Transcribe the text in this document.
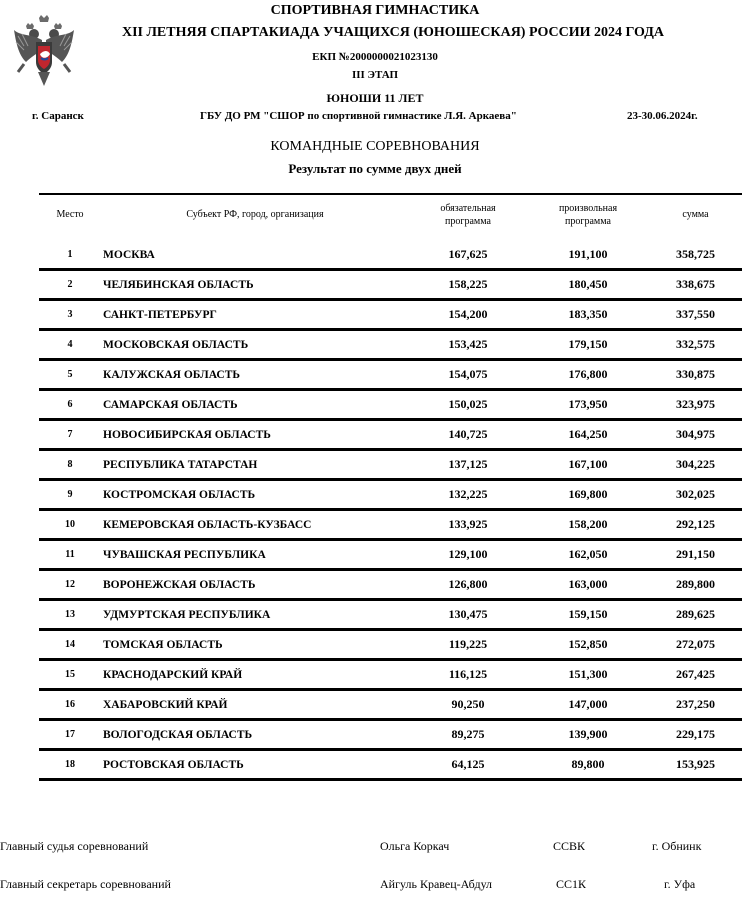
СПОРТИВНАЯ ГИМНАСТИКА
XII ЛЕТНЯЯ СПАРТАКИАДА УЧАЩИХСЯ (ЮНОШЕСКАЯ) РОССИИ 2024 ГОДА
ЕКП №2000000021023130
III ЭТАП
ЮНОШИ 11 ЛЕТ
г. Саранск	ГБУ ДО РМ "СШОР по спортивной гимнастике Л.Я. Аркаева"	23-30.06.2024г.
КОМАНДНЫЕ СОРЕВНОВАНИЯ
Результат по сумме двух дней
Место	Субъект РФ, город, организация	обязательная программа	произвольная программа	сумма
1	МОСКВА	167,625	191,100	358,725
2	ЧЕЛЯБИНСКАЯ ОБЛАСТЬ	158,225	180,450	338,675
3	САНКТ-ПЕТЕРБУРГ	154,200	183,350	337,550
4	МОСКОВСКАЯ ОБЛАСТЬ	153,425	179,150	332,575
5	КАЛУЖСКАЯ ОБЛАСТЬ	154,075	176,800	330,875
6	САМАРСКАЯ ОБЛАСТЬ	150,025	173,950	323,975
7	НОВОСИБИРСКАЯ ОБЛАСТЬ	140,725	164,250	304,975
8	РЕСПУБЛИКА ТАТАРСТАН	137,125	167,100	304,225
9	КОСТРОМСКАЯ ОБЛАСТЬ	132,225	169,800	302,025
10	КЕМЕРОВСКАЯ ОБЛАСТЬ-КУЗБАСС	133,925	158,200	292,125
11	ЧУВАШСКАЯ РЕСПУБЛИКА	129,100	162,050	291,150
12	ВОРОНЕЖСКАЯ ОБЛАСТЬ	126,800	163,000	289,800
13	УДМУРТСКАЯ РЕСПУБЛИКА	130,475	159,150	289,625
14	ТОМСКАЯ ОБЛАСТЬ	119,225	152,850	272,075
15	КРАСНОДАРСКИЙ КРАЙ	116,125	151,300	267,425
16	ХАБАРОВСКИЙ КРАЙ	90,250	147,000	237,250
17	ВОЛОГОДСКАЯ ОБЛАСТЬ	89,275	139,900	229,175
18	РОСТОВСКАЯ ОБЛАСТЬ	64,125	89,800	153,925
Главный судья соревнований	Ольга Коркач	ССВК	г. Обнинк
Главный секретарь соревнований	Айгуль Кравец-Абдул	СС1К	г. Уфа
